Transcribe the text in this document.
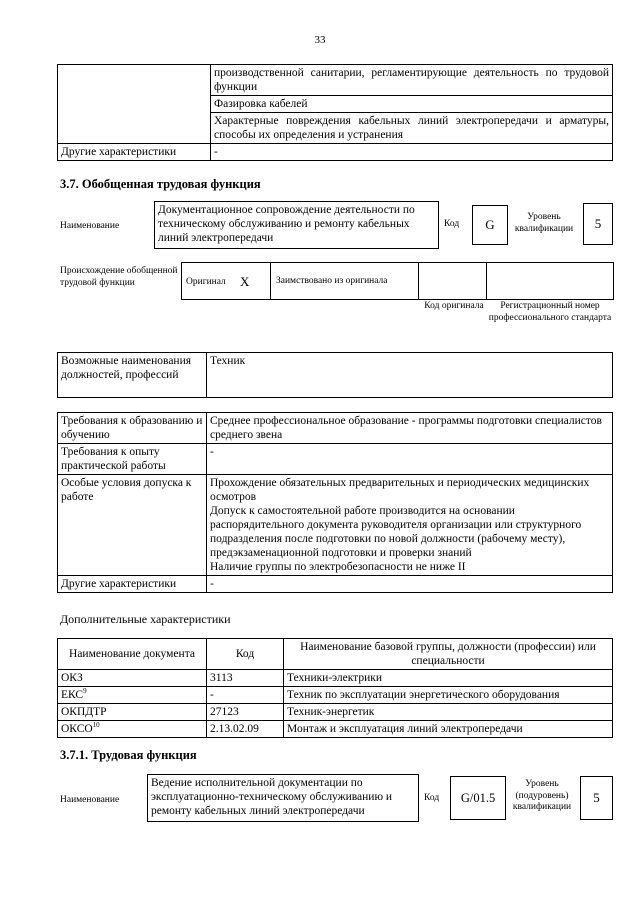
33
	производственной санитарии, регламентирующие деятельность по трудовой функции
	Фазировка кабелей
	Характерные повреждения кабельных линий электропередачи и арматуры, способы их определения и устранения
Другие характеристики	-
3.7. Обобщенная трудовая функция
Наименование
Документационное сопровождение деятельности по техническому обслуживанию и ремонту кабельных линий электропередачи
Код	G	Уровень квалификации	5
Происхождение обобщенной трудовой функции	Оригинал X	Заимствовано из оригинала
Код оригинала	Регистрационный номер профессионального стандарта
Возможные наименования должностей, профессий	Техник
Требования к образованию и обучению	Среднее профессиональное образование - программы подготовки специалистов среднего звена
Требования к опыту практической работы	-
Особые условия допуска к работе	Прохождение обязательных предварительных и периодических медицинских осмотров
Допуск к самостоятельной работе производится на основании распорядительного документа руководителя организации или структурного подразделения после подготовки по новой должности (рабочему месту), предэкзаменационной подготовки и проверки знаний
Наличие группы по электробезопасности не ниже II

Другие характеристики	-
Дополнительные характеристики
Наименование документа	Код	Наименование базовой группы, должности (профессии) или специальности
ОКЗ	3113	Техники-электрики
ЕКС$^9$	-	Техник по эксплуатации энергетического оборудования
ОКПДТР	27123	Техник-энергетик
ОКСО$^{10}$	2.13.02.09	Монтаж и эксплуатация линий электропередачи
3.7.1. Трудовая функция
Наименование
Ведение исполнительной документации по эксплуатационно-техническому обслуживанию и ремонту кабельных линий электропередачи
Код	G/01.5
Уровень (подуровень) квалификации
5
